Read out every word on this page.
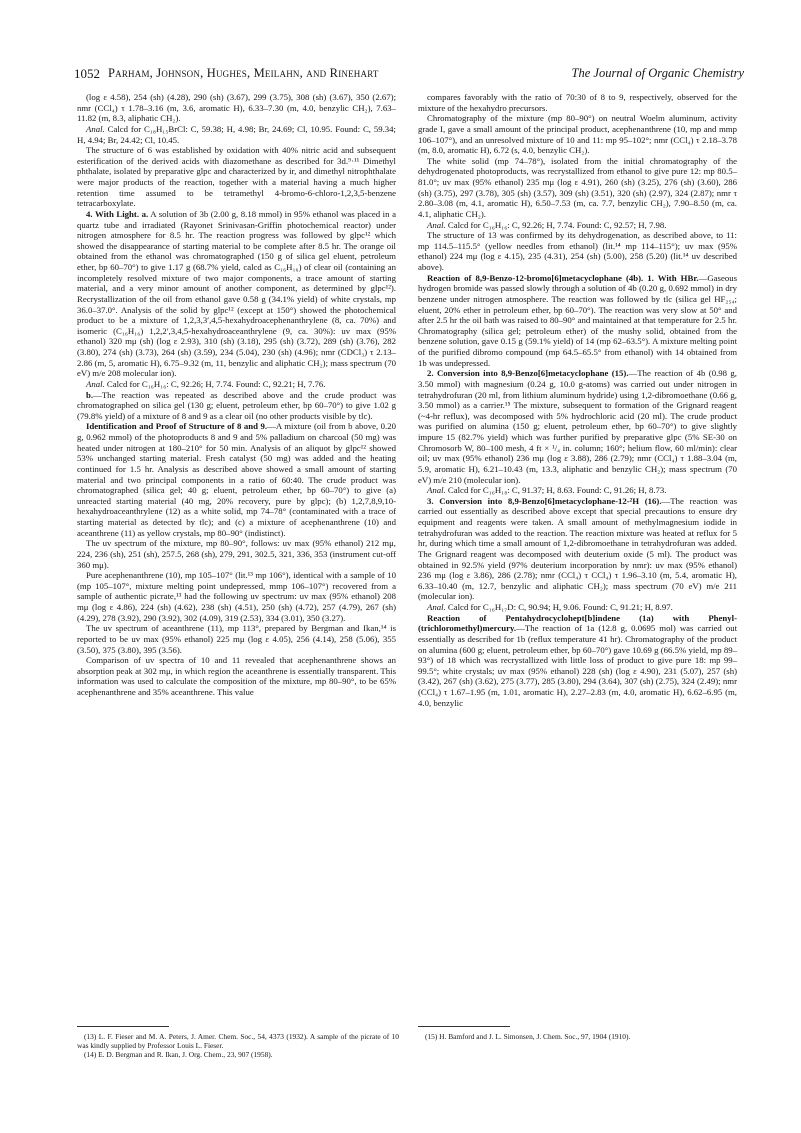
1052 Parham, Johnson, Hughes, Meilahn, and Rinehart	The Journal of Organic Chemistry

(log ε 4.58), 254 (sh) (4.28), 290 (sh) (3.67), 299 (3.75), 308 (sh) (3.67), 350 (2.67); nmr (CCl₄) τ 1.78–3.16 (m, 3.6, aromatic H), 6.33–7.30 (m, 4.0, benzylic CH₂), 7.63–11.82 (m, 8.3, aliphatic CH₂).

Anal. Calcd for C₁₈H₁₅BrCl: C, 59.38; H, 4.98; Br, 24.69; Cl, 10.95. Found: C, 59.34; H, 4.94; Br, 24.42; Cl, 10.45.

The structure of 6 was established by oxidation with 40% nitric acid and subsequent esterification of the derived acids with diazomethane as described for 3d.⁹·¹¹ Dimethyl phthalate, isolated by preparative glpc and characterized by ir, and dimethyl nitrophthalate were major products of the reaction, together with a material having a much higher retention time assumed to be tetramethyl 4-bromo-6-chloro-1,2,3,5-benzene tetracarboxylate.

4. With Light. a. A solution of 3b (2.00 g, 8.18 mmol) in 95% ethanol was placed in a quartz tube and irradiated (Rayonet Srinivasan-Griffin photochemical reactor) under nitrogen atmosphere for 8.5 hr. The reaction progress was followed by glpc¹² which showed the disappearance of starting material to be complete after 8.5 hr. The orange oil obtained from the ethanol was chromatographed (150 g of silica gel eluent, petroleum ether, bp 60–70°) to give 1.17 g (68.7% yield, calcd as C₁₆H₁₆) of clear oil (containing an incompletely resolved mixture of two major components, a trace amount of starting material, and a very minor amount of another component, as determined by glpc¹²). Recrystallization of the oil from ethanol gave 0.58 g (34.1% yield) of white crystals, mp 36.0–37.0°. Analysis of the solid by glpc¹² (except at 150°) showed the photochemical product to be a mixture of 1,2,3,3′,4,5-hexahydroacephenanthrylene (8, ca. 70%) and isomeric (C₁₆H₁₆) 1,2,2′,3,4,5-hexahydroaceanthrylene (9, ca. 30%): uv max (95% ethanol) 320 mμ (sh) (log ε 2.93), 310 (sh) (3.18), 295 (sh) (3.72), 289 (sh) (3.76), 282 (3.80), 274 (sh) (3.73), 264 (sh) (3.59), 234 (5.04), 230 (sh) (4.96); nmr (CDCl₃) τ 2.13–2.86 (m, 5, aromatic H), 6.75–9.32 (m, 11, benzylic and aliphatic CH₂); mass spectrum (70 eV) m/e 208 molecular ion).

Anal. Calcd for C₁₆H₁₆: C, 92.26; H, 7.74. Found: C, 92.21; H, 7.76.

b.—The reaction was repeated as described above and the crude product was chromatographed on silica gel (130 g; eluent, petroleum ether, bp 60–70°) to give 1.02 g (79.8% yield) of a mixture of 8 and 9 as a clear oil (no other products visible by tlc).

Identification and Proof of Structure of 8 and 9.—A mixture (oil from b above, 0.20 g, 0.962 mmol) of the photoproducts 8 and 9 and 5% palladium on charcoal (50 mg) was heated under nitrogen at 180–210° for 50 min. Analysis of an aliquot by glpc¹² showed 53% unchanged starting material. Fresh catalyst (50 mg) was added and the heating continued for 1.5 hr. Analysis as described above showed a small amount of starting material and two principal components in a ratio of 60:40. The crude product was chromatographed (silica gel; 40 g; eluent, petroleum ether, bp 60–70°) to give (a) unreacted starting material (40 mg, 20% recovery, pure by glpc); (b) 1,2,7,8,9,10-hexahydroaceanthrylene (12) as a white solid, mp 74–78° (contaminated with a trace of starting material as detected by tlc); and (c) a mixture of acephenanthrene (10) and aceanthrene (11) as yellow crystals, mp 80–90° (indistinct).

The uv spectrum of the mixture, mp 80–90°, follows: uv max (95% ethanol) 212 mμ, 224, 236 (sh), 251 (sh), 257.5, 268 (sh), 279, 291, 302.5, 321, 336, 353 (instrument cut-off 360 mμ).

Pure acephenanthrene (10), mp 105–107° (lit.¹³ mp 106°), identical with a sample of 10 (mp 105–107°, mixture melting point undepressed, mmp 106–107°) recovered from a sample of authentic picrate,¹³ had the following uv spectrum: uv max (95% ethanol) 208 mμ (log ε 4.86), 224 (sh) (4.62), 238 (sh) (4.51), 250 (sh) (4.72), 257 (4.79), 267 (sh) (4.29), 278 (3.92), 290 (3.92), 302 (4.09), 319 (2.53), 334 (3.01), 350 (3.27).

The uv spectrum of aceanthrene (11), mp 113°, prepared by Bergman and Ikan,¹⁴ is reported to be uv max (95% ethanol) 225 mμ (log ε 4.05), 256 (4.14), 258 (5.06), 355 (3.50), 375 (3.80), 395 (3.56).

Comparison of uv spectra of 10 and 11 revealed that acephenanthrene shows an absorption peak at 302 mμ, in which region the aceanthrene is essentially transparent. This information was used to calculate the composition of the mixture, mp 80–90°, to be 65% acephenanthrene and 35% aceanthrene. This value

compares favorably with the ratio of 70:30 of 8 to 9, respectively, observed for the mixture of the hexahydro precursors.

Chromatography of the mixture (mp 80–90°) on neutral Woelm aluminum, activity grade I, gave a small amount of the principal product, acephenanthrene (10, mp and mmp 106–107°), and an unresolved mixture of 10 and 11: mp 95–102°; nmr (CCl₄) τ 2.18–3.78 (m, 8.0, aromatic H), 6.72 (s, 4.0, benzylic CH₂).

The white solid (mp 74–78°), isolated from the initial chromatography of the dehydrogenated photoproducts, was recrystallized from ethanol to give pure 12: mp 80.5–81.0°; uv max (95% ethanol) 235 mμ (log ε 4.91), 260 (sh) (3.25), 276 (sh) (3.60), 286 (sh) (3.75), 297 (3.78), 305 (sh) (3.57), 309 (sh) (3.51), 320 (sh) (2.97), 324 (2.87); nmr τ 2.80–3.08 (m, 4.1, aromatic H), 6.50–7.53 (m, ca. 7.7, benzylic CH₂), 7.90–8.50 (m, ca. 4.1, aliphatic CH₂).

Anal. Calcd for C₁₆H₁₆: C, 92.26; H, 7.74. Found: C, 92.57; H, 7.98.

The structure of 13 was confirmed by its dehydrogenation, as described above, to 11: mp 114.5–115.5° (yellow needles from ethanol) (lit.¹⁴ mp 114–115°); uv max (95% ethanol) 224 mμ (log ε 4.15), 235 (4.31), 254 (sh) (5.00), 258 (5.20) (lit.¹⁴ uv described above).

Reaction of 8,9-Benzo-12-bromo[6]metacyclophane (4b). 1. With HBr.—Gaseous hydrogen bromide was passed slowly through a solution of 4b (0.20 g, 0.692 mmol) in dry benzene under nitrogen atmosphere. The reaction was followed by tlc (silica gel HF₂₅₄; eluent, 20% ether in petroleum ether, bp 60–70°). The reaction was very slow at 50° and after 2.5 hr the oil bath was raised to 80–90° and maintained at that temperature for 2.5 hr. Chromatography (silica gel; petroleum ether) of the mushy solid, obtained from the benzene solution, gave 0.15 g (59.1% yield) of 14 (mp 62–63.5°). A mixture melting point of the purified dibromo compound (mp 64.5–65.5° from ethanol) with 14 obtained from 1b was undepressed.

2. Conversion into 8,9-Benzo[6]metacyclophane (15).—The reaction of 4b (0.98 g, 3.50 mmol) with magnesium (0.24 g, 10.0 g-atoms) was carried out under nitrogen in tetrahydrofuran (20 ml, from lithium aluminum hydride) using 1,2-dibromoethane (0.66 g, 3.50 mmol) as a carrier.¹⁵ The mixture, subsequent to formation of the Grignard reagent (~4-hr reflux), was decomposed with 5% hydrochloric acid (20 ml). The crude product was purified on alumina (150 g; eluent, petroleum ether, bp 60–70°) to give slightly impure 15 (82.7% yield) which was further purified by preparative glpc (5% SE-30 on Chromosorb W, 80–100 mesh, 4 ft × ¹/₄ in. column; 160°; helium flow, 60 ml/min): clear oil; uv max (95% ethanol) 236 mμ (log ε 3.88), 286 (2.79); nmr (CCl₄) τ 1.88–3.04 (m, 5.9, aromatic H), 6.21–10.43 (m, 13.3, aliphatic and benzylic CH₂); mass spectrum (70 eV) m/e 210 (molecular ion).

Anal. Calcd for C₁₆H₁₈: C, 91.37; H, 8.63. Found: C, 91.26; H, 8.73.

3. Conversion into 8,9-Benzo[6]metacyclophane-12-²H (16).—The reaction was carried out essentially as described above except that special precautions to ensure dry equipment and reagents were taken. A small amount of methylmagnesium iodide in tetrahydrofuran was added to the reaction. The reaction mixture was heated at reflux for 5 hr, during which time a small amount of 1,2-dibromoethane in tetrahydrofuran was added. The Grignard reagent was decomposed with deuterium oxide (5 ml). The product was obtained in 92.5% yield (97% deuterium incorporation by nmr): uv max (95% ethanol) 236 mμ (log ε 3.86), 286 (2.78); nmr (CCl₄) τ CCl₄) τ 1.96–3.10 (m, 5.4, aromatic H), 6.33–10.40 (m, 12.7, benzylic and aliphatic CH₂); mass spectrum (70 eV) m/e 211 (molecular ion).

Anal. Calcd for C₁₆H₁₇D: C, 90.94; H, 9.06. Found: C, 91.21; H, 8.97.

Reaction of Pentahydrocyclohept[b]indene (1a) with Phenyl-(trichloromethyl)mercury.—The reaction of 1a (12.8 g, 0.0695 mol) was carried out essentially as described for 1b (reflux temperature 41 hr). Chromatography of the product on alumina (600 g; eluent, petroleum ether, bp 60–70°) gave 10.69 g (66.5% yield, mp 89–93°) of 18 which was recrystallized with little loss of product to give pure 18: mp 99–99.5°; white crystals; uv max (95% ethanol) 228 (sh) (log ε 4.90), 231 (5.07), 257 (sh) (3.42), 267 (sh) (3.62), 275 (3.77), 285 (3.80), 294 (3.64), 307 (sh) (2.75), 324 (2.49); nmr (CCl₄) τ 1.67–1.95 (m, 1.01, aromatic H), 2.27–2.83 (m, 4.0, aromatic H), 6.62–6.95 (m, 4.0, benzylic

(13) L. F. Fieser and M. A. Peters, J. Amer. Chem. Soc., 54, 4373 (1932). A sample of the picrate of 10 was kindly supplied by Professor Louis L. Fieser.

(14) E. D. Bergman and R. Ikan, J. Org. Chem., 23, 907 (1958).

(15) H. Bamford and J. L. Simonsen, J. Chem. Soc., 97, 1904 (1910).
